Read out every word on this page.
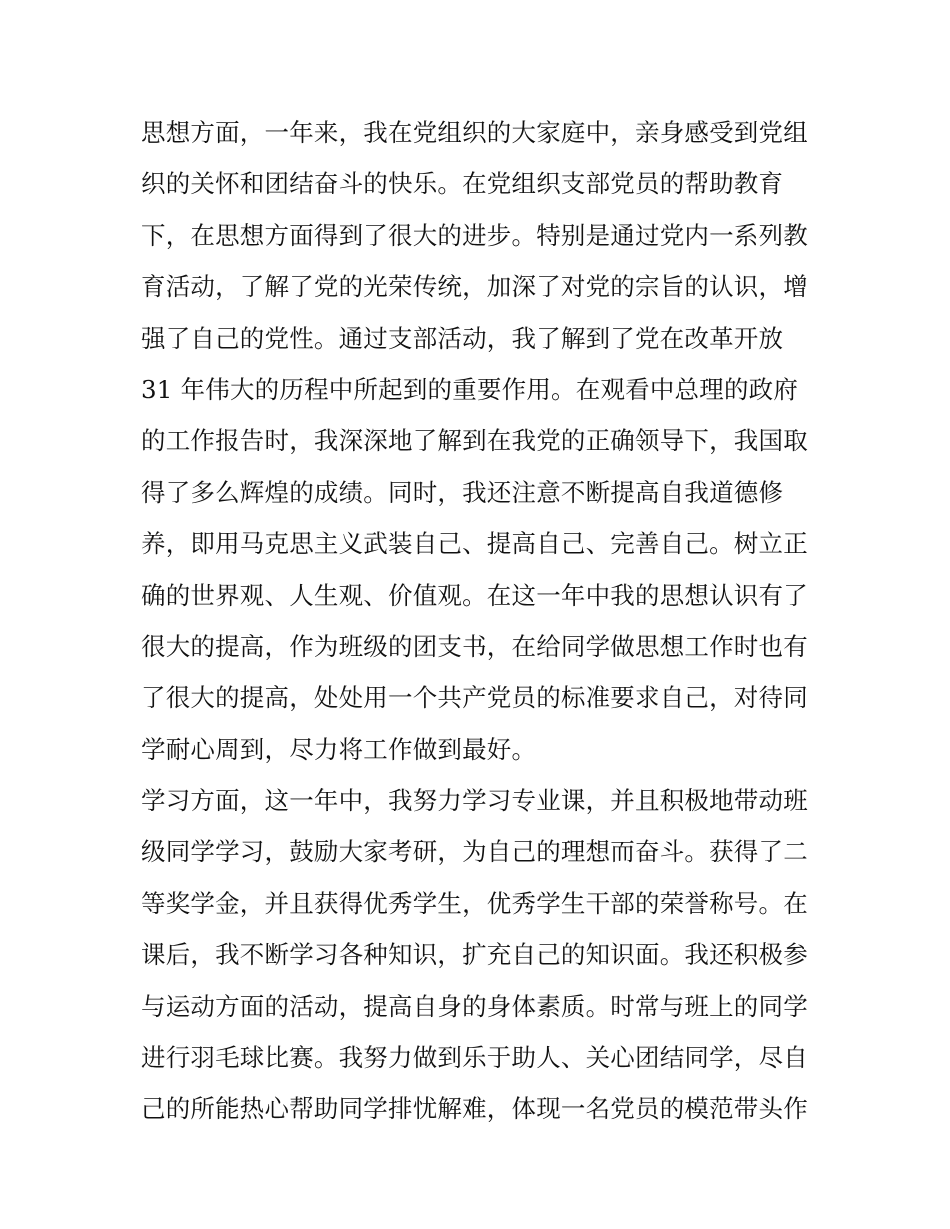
思想方面，一年来，我在党组织的大家庭中，亲身感受到党组
织的关怀和团结奋斗的快乐。在党组织支部党员的帮助教育
下，在思想方面得到了很大的进步。特别是通过党内一系列教
育活动，了解了党的光荣传统，加深了对党的宗旨的认识，增
强了自己的党性。通过支部活动，我了解到了党在改革开放
31 年伟大的历程中所起到的重要作用。在观看中总理的政府
的工作报告时，我深深地了解到在我党的正确领导下，我国取
得了多么辉煌的成绩。同时，我还注意不断提高自我道德修
养，即用马克思主义武装自己、提高自己、完善自己。树立正
确的世界观、人生观、价值观。在这一年中我的思想认识有了
很大的提高，作为班级的团支书，在给同学做思想工作时也有
了很大的提高，处处用一个共产党员的标准要求自己，对待同
学耐心周到，尽力将工作做到最好。
学习方面，这一年中，我努力学习专业课，并且积极地带动班
级同学学习，鼓励大家考研，为自己的理想而奋斗。获得了二
等奖学金，并且获得优秀学生，优秀学生干部的荣誉称号。在
课后，我不断学习各种知识，扩充自己的知识面。我还积极参
与运动方面的活动，提高自身的身体素质。时常与班上的同学
进行羽毛球比赛。我努力做到乐于助人、关心团结同学，尽自
己的所能热心帮助同学排忧解难，体现一名党员的模范带头作
